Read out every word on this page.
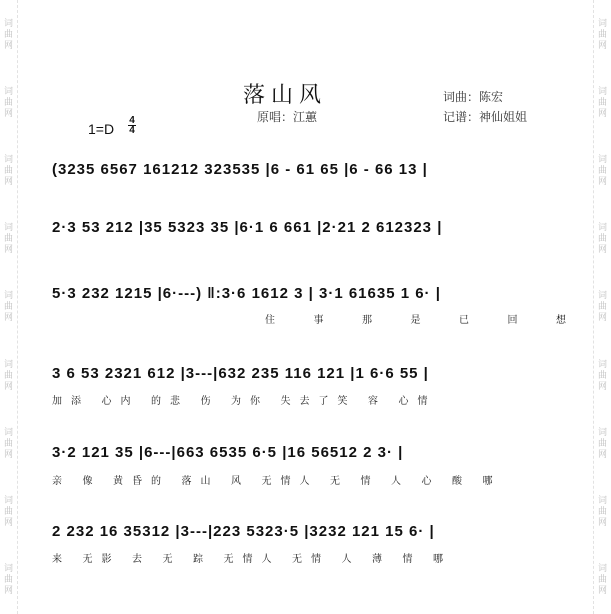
词
曲
网
词
曲
网
词
曲
网
词
曲
网
词
曲
网
词
曲
网
词
曲
网
词
曲
网
词
曲
网
词
曲
网
词
曲
网
词
曲
网
词
曲
网
词
曲
网
词
曲
网
词
曲
网
词
曲
网
词
曲
网
落山风	词曲：陈宏
原唱：江蕙	记谱：神仙姐姐
1=D
4
4
(3235 6567 161212 323535 |6 - 61 65 |6 - 66 13 |
2·3 53 212 |35 5323 35 |6·1 6 661 |2·21 2 612323 |
5·3 232 1215 |6·---) ‖:3·6 1612 3 | 3·1 61635 1 6· |
住 事 那 是 已 回 想
3 6 53 2321 612 |3---|632 235 116 121 |1 6·6 55 |
加添 心内 的悲 伤 为你 失去了笑 容 心情
3·2 121 35 |6---|663 6535 6·5 |16 56512 2 3· |
亲 像 黄昏的 落山 风 无情人 无 情 人 心 酸 哪
2 232 16 35312 |3---|223 5323·5 |3232 121 15 6· |
来 无影 去 无 踪 无情人 无情 人 薄 情 哪
